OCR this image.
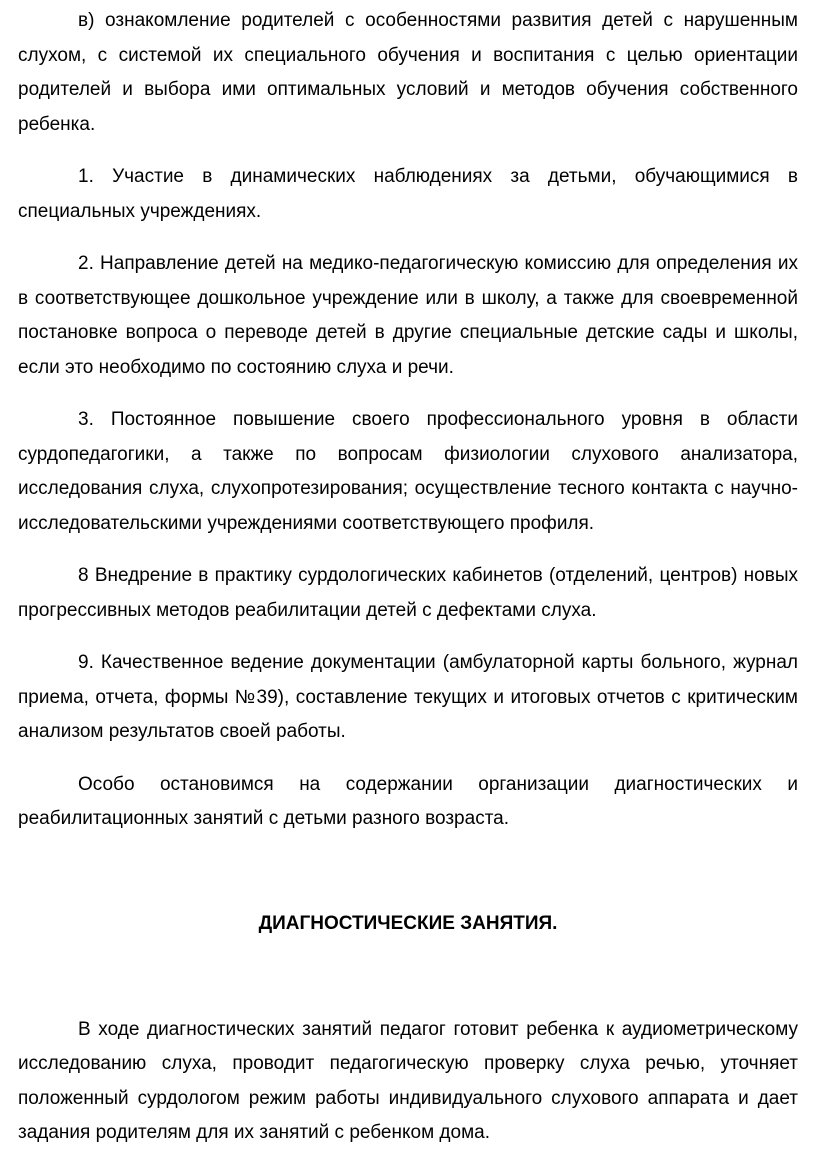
в) ознакомление родителей с особенностями развития детей с нарушенным слухом, с системой их специального обучения и воспитания с целью ориентации родителей и выбора ими оптимальных условий и методов обучения собственного ребенка.

1. Участие в динамических наблюдениях за детьми, обучающимися в специальных учреждениях.

2. Направление детей на медико-педагогическую комиссию для определения их в соответствующее дошкольное учреждение или в школу, а также для своевременной постановке вопроса о переводе детей в другие специальные детские сады и школы, если это необходимо по состоянию слуха и речи.

3. Постоянное повышение своего профессионального уровня в области сурдопедагогики, а также по вопросам физиологии слухового анализатора, исследования слуха, слухопротезирования; осуществление тесного контакта с научно-исследовательскими учреждениями соответствующего профиля.

8 Внедрение в практику сурдологических кабинетов (отделений, центров) новых прогрессивных методов реабилитации детей с дефектами слуха.

9. Качественное ведение документации (амбулаторной карты больного, журнал приема, отчета, формы №39), составление текущих и итоговых отчетов с критическим анализом результатов своей работы.

Особо остановимся на содержании организации диагностических и реабилитационных занятий с детьми разного возраста.

ДИАГНОСТИЧЕСКИЕ ЗАНЯТИЯ.

В ходе диагностических занятий педагог готовит ребенка к аудиометрическому исследованию слуха, проводит педагогическую проверку слуха речью, уточняет положенный сурдологом режим работы индивидуального слухового аппарата и дает задания родителям для их занятий с ребенком дома.
